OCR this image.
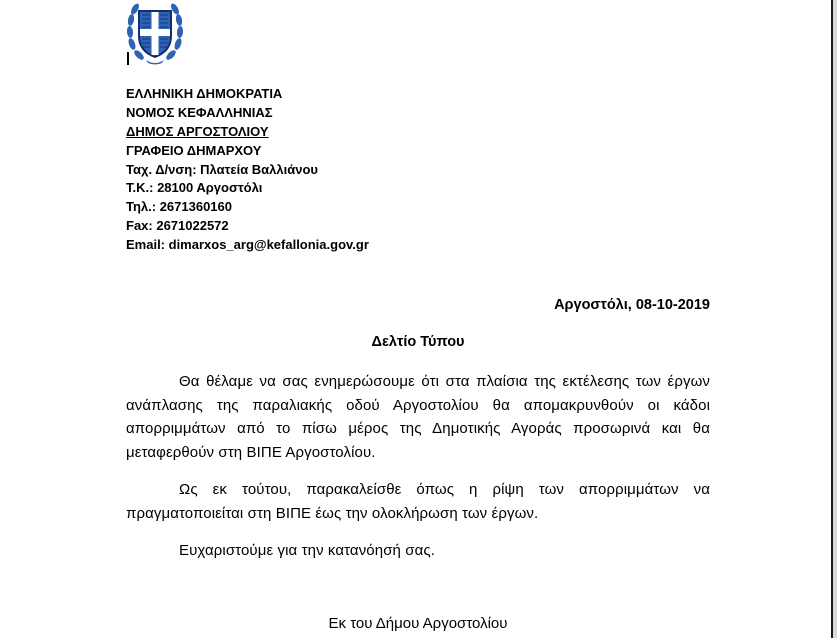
ΕΛΛΗΝΙΚΗ ΔΗΜΟΚΡΑΤΙΑ
ΝΟΜΟΣ ΚΕΦΑΛΛΗΝΙΑΣ
ΔΗΜΟΣ ΑΡΓΟΣΤΟΛΙΟΥ
ΓΡΑΦΕΙΟ ΔΗΜΑΡΧΟΥ
Ταχ. Δ/νση: Πλατεία Βαλλιάνου
Τ.Κ.: 28100 Αργοστόλι
Τηλ.: 2671360160
Fax: 2671022572
Email: dimarxos_arg@kefallonia.gov.gr
Αργοστόλι, 08-10-2019
Δελτίο Τύπου
Θα θέλαμε να σας ενημερώσουμε ότι στα πλαίσια της εκτέλεσης των έργων ανάπλασης της παραλιακής οδού Αργοστολίου θα απομακρυνθούν οι κάδοι απορριμμάτων από το πίσω μέρος της Δημοτικής Αγοράς προσωρινά και θα μεταφερθούν στη ΒΙΠΕ Αργοστολίου.
Ως εκ τούτου, παρακαλείσθε όπως η ρίψη των απορριμμάτων να πραγματοποιείται στη ΒΙΠΕ έως την ολοκλήρωση των έργων.
Ευχαριστούμε για την κατανόησή σας.
Εκ του Δήμου Αργοστολίου
